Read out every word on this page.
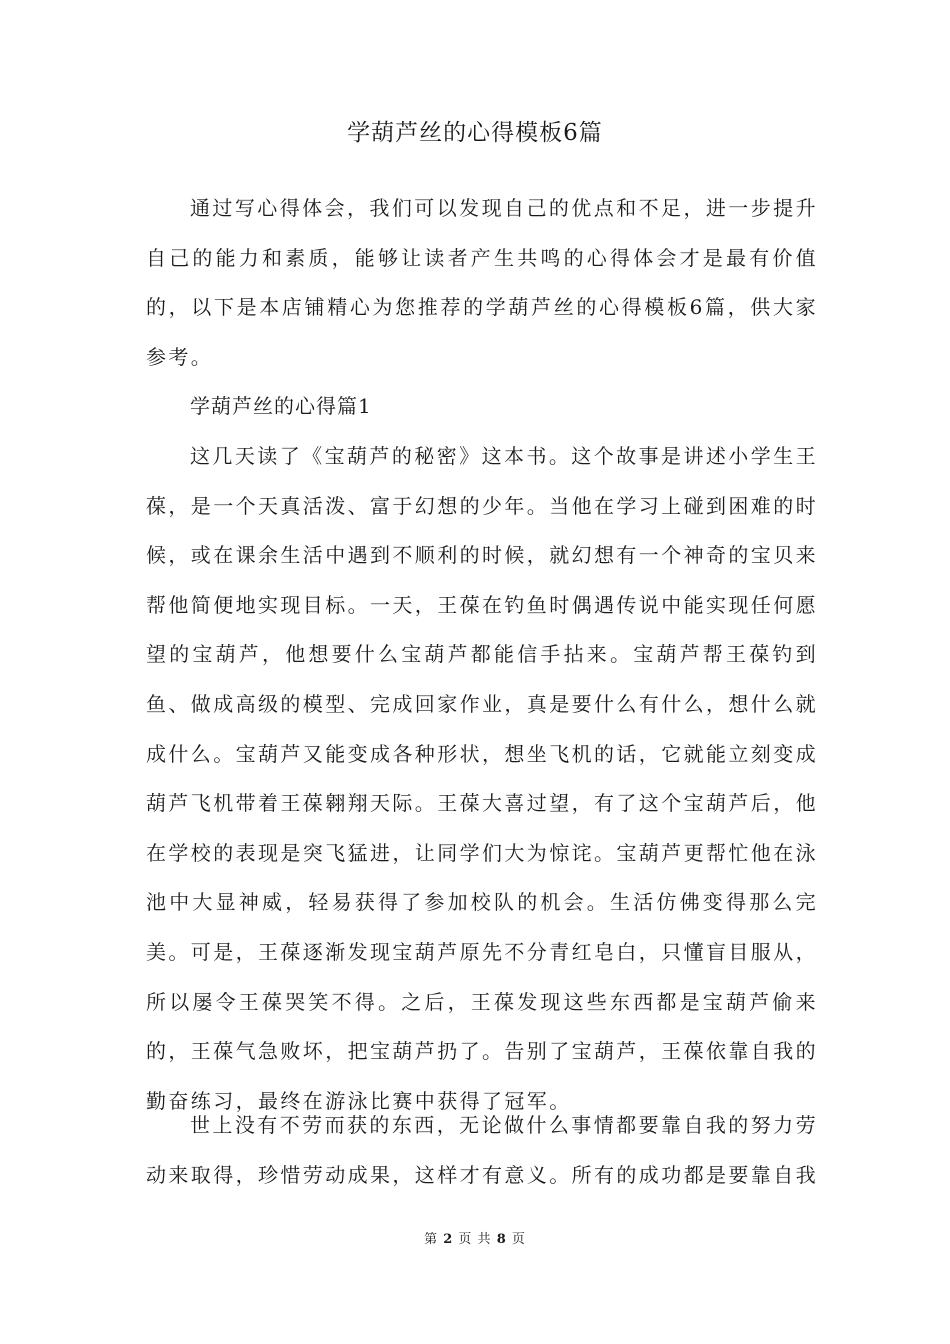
学葫芦丝的心得模板6篇

通过写心得体会，我们可以发现自己的优点和不足，进一步提升自己的能力和素质，能够让读者产生共鸣的心得体会才是最有价值的，以下是本店铺精心为您推荐的学葫芦丝的心得模板6篇，供大家参考。

学葫芦丝的心得篇1

这几天读了《宝葫芦的秘密》这本书。这个故事是讲述小学生王葆，是一个天真活泼、富于幻想的少年。当他在学习上碰到困难的时候，或在课余生活中遇到不顺利的时候，就幻想有一个神奇的宝贝来帮他简便地实现目标。一天，王葆在钓鱼时偶遇传说中能实现任何愿望的宝葫芦，他想要什么宝葫芦都能信手拈来。宝葫芦帮王葆钓到鱼、做成高级的模型、完成回家作业，真是要什么有什么，想什么就成什么。宝葫芦又能变成各种形状，想坐飞机的话，它就能立刻变成葫芦飞机带着王葆翱翔天际。王葆大喜过望，有了这个宝葫芦后，他在学校的表现是突飞猛进，让同学们大为惊诧。宝葫芦更帮忙他在泳池中大显神威，轻易获得了参加校队的机会。生活仿佛变得那么完美。可是，王葆逐渐发现宝葫芦原先不分青红皂白，只懂盲目服从，所以屡令王葆哭笑不得。之后，王葆发现这些东西都是宝葫芦偷来的，王葆气急败坏，把宝葫芦扔了。告别了宝葫芦，王葆依靠自我的勤奋练习，最终在游泳比赛中获得了冠军。

世上没有不劳而获的东西，无论做什么事情都要靠自我的努力劳动来取得，珍惜劳动成果，这样才有意义。所有的成功都是要靠自我

第 2 页 共 8 页
